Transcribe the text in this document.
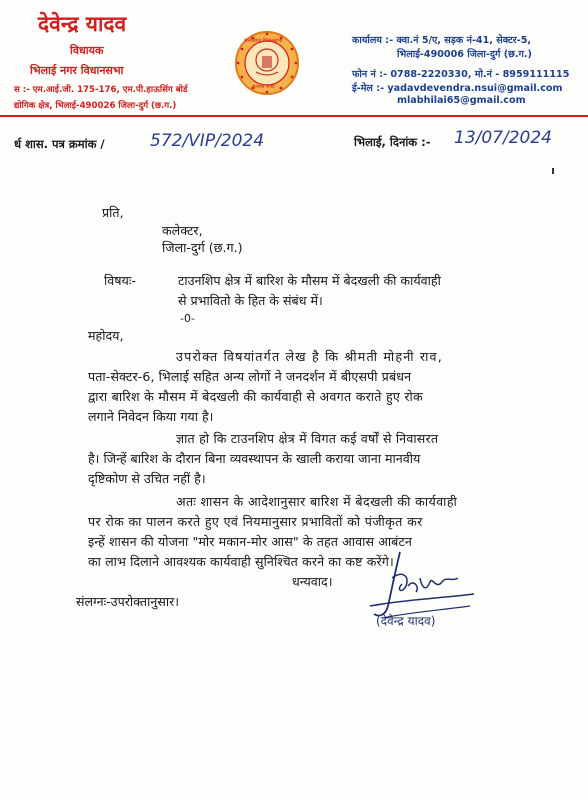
देवेन्द्र यादव
विधायक
भिलाई नगर विधानसभा
स :- एम.आई.जी. 175-176, एम.पी.हाऊसिंग बोर्ड
द्योगिक क्षेत्र, भिलाई-490026 जिला-दुर्ग (छ.ग.)
छत्तीसगढ़ विधानसभा
सत्यमेव जयते
कार्यालय :- क्वा.नं 5/ए, सड़क नं-41, सेक्टर-5,
भिलाई-490006 जिला-दुर्ग (छ.ग.)
फोन नं :- 0788-2220330, मो.नं - 8959111115
ई-मेल :- yadavdevendra.nsui@gmail.com
mlabhilai65@gmail.com
र्ध शास. पत्र क्रमांक /	572/VIP/2024	भिलाई, दिनांक :- 13/07/2024
प्रति,
कलेक्टर,
जिला-दुर्ग (छ.ग.)
विषयः-	टाउनशिप क्षेत्र में बारिश के मौसम में बेदखली की कार्यवाही
से प्रभावितो के हित के संबंध में।
-0-
महोदय,
उपरोक्त विषयांतर्गत लेख है कि श्रीमती मोहनी राव,
पता-सेक्टर-6, भिलाई सहित अन्य लोगों ने जनदर्शन में बीएसपी प्रबंधन
द्वारा बारिश के मौसम में बेदखली की कार्यवाही से अवगत कराते हुए रोक
लगाने निवेदन किया गया है।
ज्ञात हो कि टाउनशिप क्षेत्र में विगत कई वर्षों से निवासरत
है। जिन्हें बारिश के दौरान बिना व्यवस्थापन के खाली कराया जाना मानवीय
दृष्टिकोण से उचित नहीं है।
अतः शासन के आदेशानुसार बारिश में बेदखली की कार्यवाही
पर रोक का पालन करते हुए एवं नियमानुसार प्रभावितों को पंजीकृत कर
इन्हें शासन की योजना "मोर मकान-मोर आस" के तहत आवास आबंटन
का लाभ दिलाने आवश्यक कार्यवाही सुनिश्चित करने का कष्ट करेंगे।
धन्यवाद।
संलग्नः-उपरोक्तानुसार।
(देवेन्द्र यादव)
